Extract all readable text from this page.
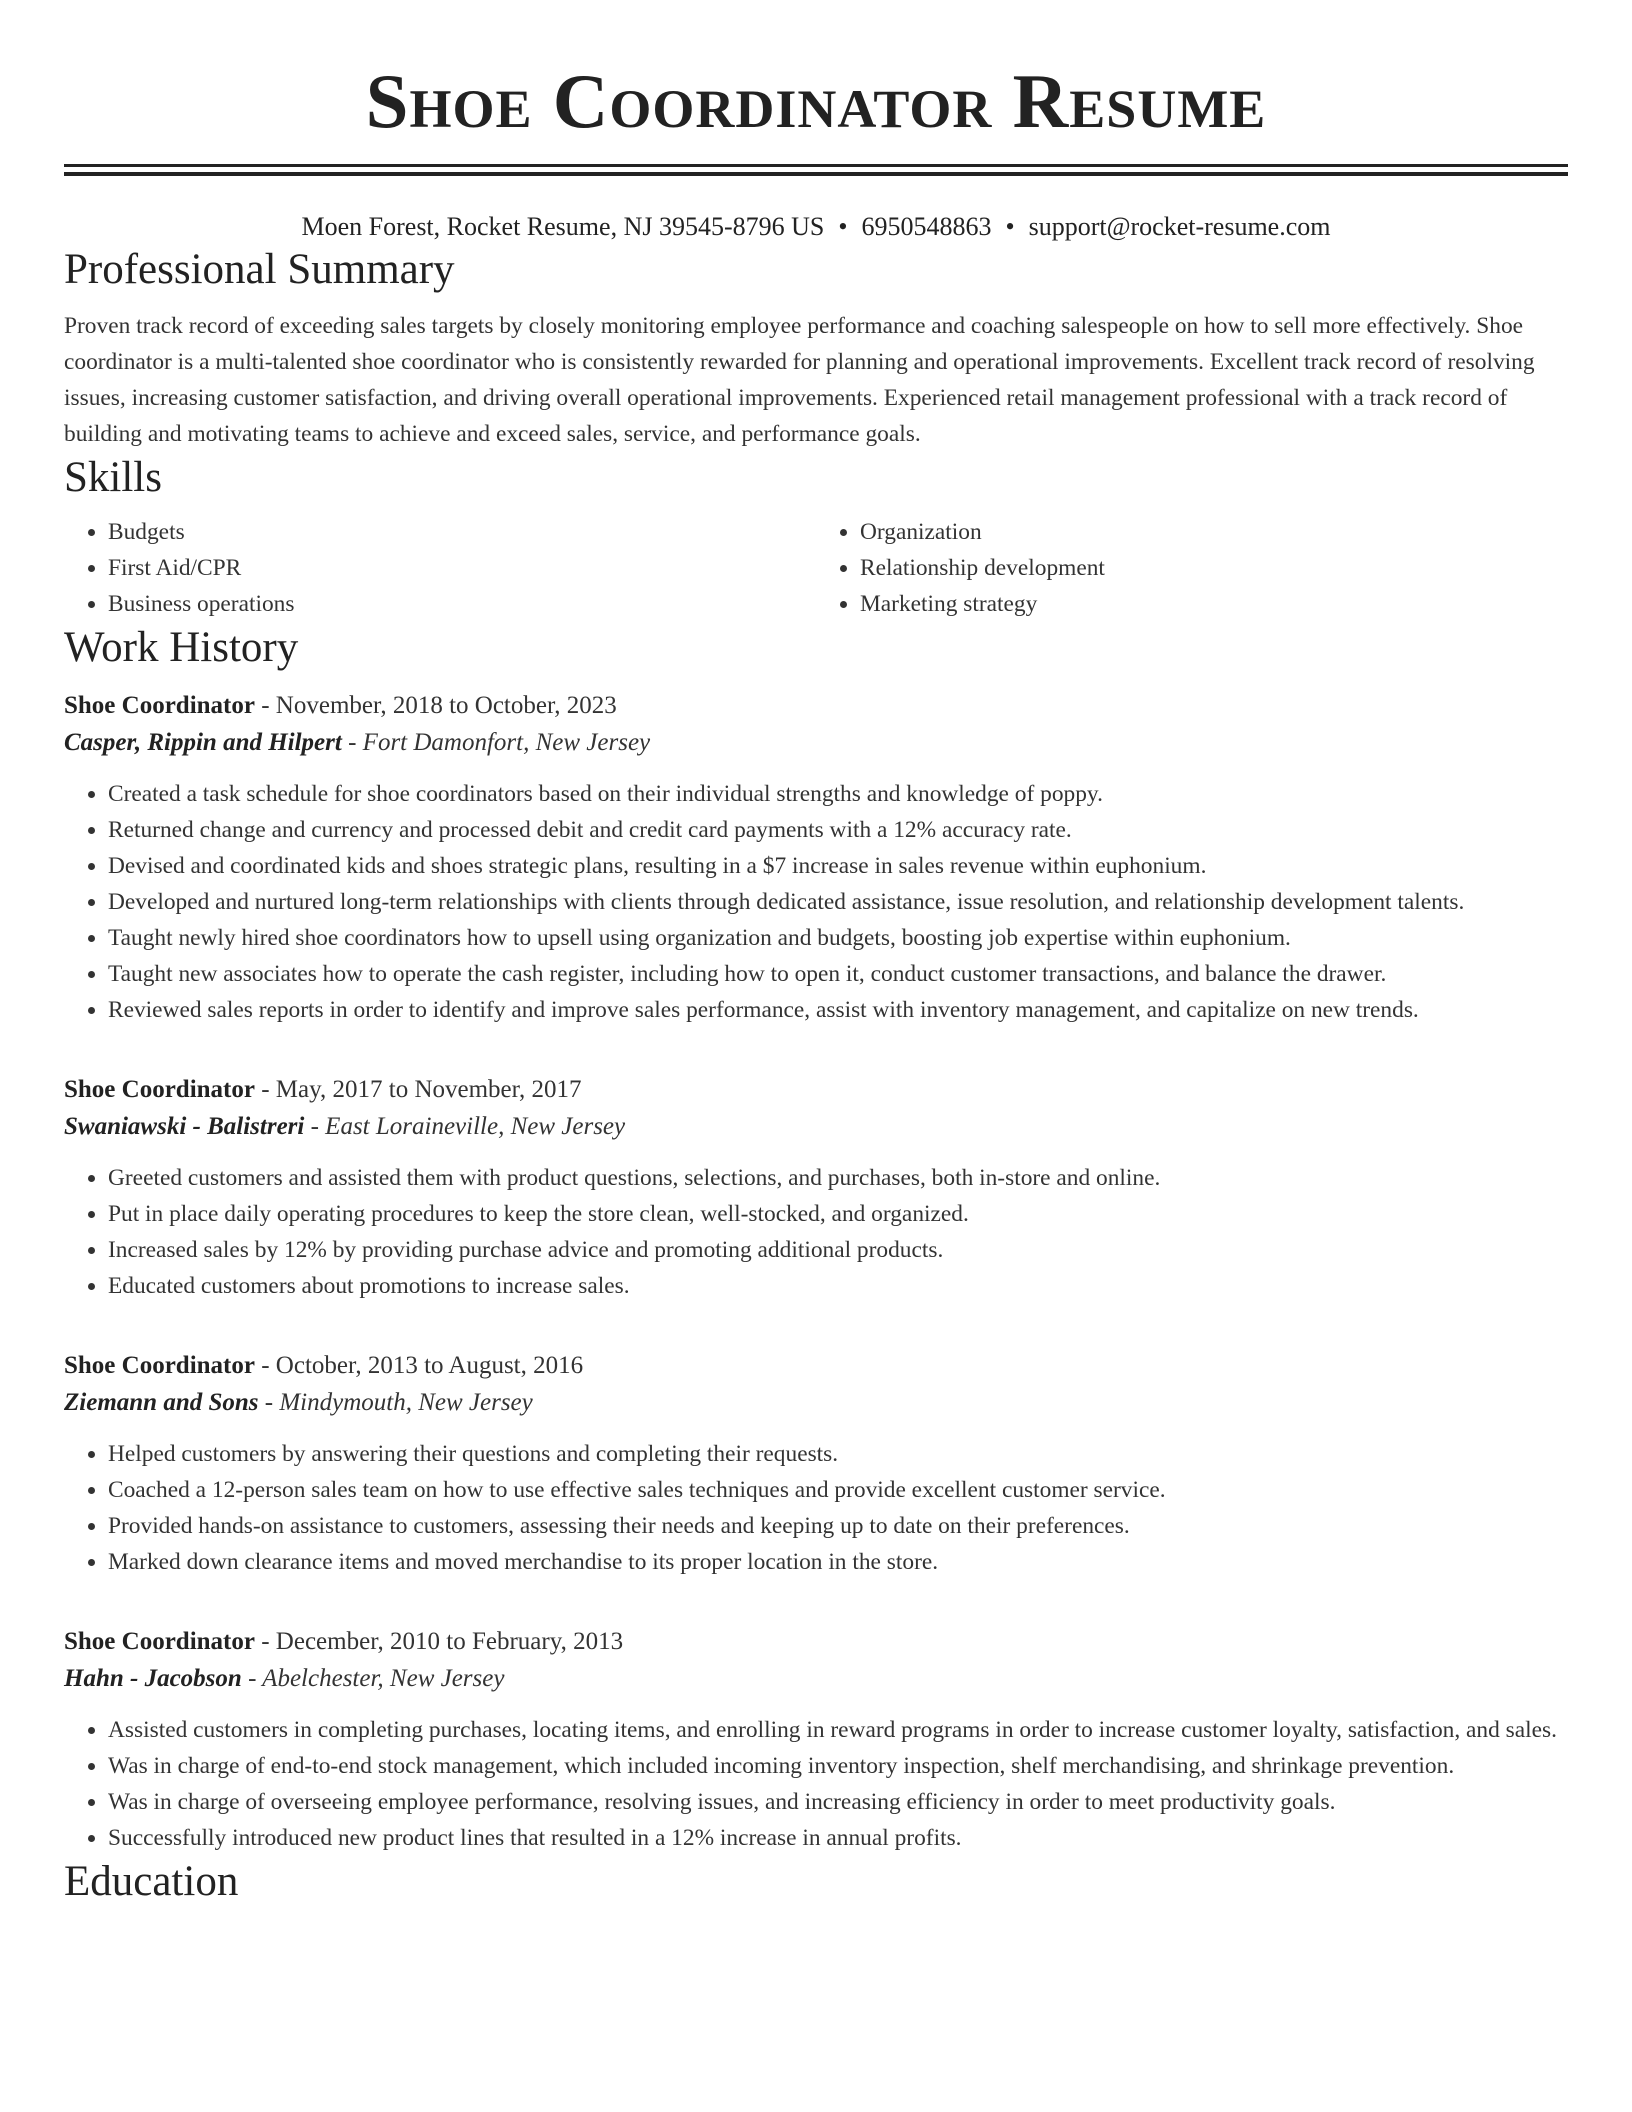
Shoe Coordinator Resume
Moen Forest, Rocket Resume, NJ 39545-8796 US • 6950548863 • support@rocket-resume.com
Professional Summary

Proven track record of exceeding sales targets by closely monitoring employee performance and coaching salespeople on how to sell more effectively. Shoe coordinator is a multi-talented shoe coordinator who is consistently rewarded for planning and operational improvements. Excellent track record of resolving issues, increasing customer satisfaction, and driving overall operational improvements. Experienced retail management professional with a track record of building and motivating teams to achieve and exceed sales, service, and performance goals.

Skills
• Budgets
• First Aid/CPR
• Business operations
• Organization
• Relationship development
• Marketing strategy
Work History
Shoe Coordinator - November, 2018 to October, 2023
Casper, Rippin and Hilpert - Fort Damonfort, New Jersey
• Created a task schedule for shoe coordinators based on their individual strengths and knowledge of poppy.
• Returned change and currency and processed debit and credit card payments with a 12% accuracy rate.
• Devised and coordinated kids and shoes strategic plans, resulting in a $7 increase in sales revenue within euphonium.
• Developed and nurtured long-term relationships with clients through dedicated assistance, issue resolution, and relationship development talents.
• Taught newly hired shoe coordinators how to upsell using organization and budgets, boosting job expertise within euphonium.
• Taught new associates how to operate the cash register, including how to open it, conduct customer transactions, and balance the drawer.
• Reviewed sales reports in order to identify and improve sales performance, assist with inventory management, and capitalize on new trends.
Shoe Coordinator - May, 2017 to November, 2017
Swaniawski - Balistreri - East Loraineville, New Jersey
• Greeted customers and assisted them with product questions, selections, and purchases, both in-store and online.
• Put in place daily operating procedures to keep the store clean, well-stocked, and organized.
• Increased sales by 12% by providing purchase advice and promoting additional products.
• Educated customers about promotions to increase sales.
Shoe Coordinator - October, 2013 to August, 2016
Ziemann and Sons - Mindymouth, New Jersey
• Helped customers by answering their questions and completing their requests.
• Coached a 12-person sales team on how to use effective sales techniques and provide excellent customer service.
• Provided hands-on assistance to customers, assessing their needs and keeping up to date on their preferences.
• Marked down clearance items and moved merchandise to its proper location in the store.
Shoe Coordinator - December, 2010 to February, 2013
Hahn - Jacobson - Abelchester, New Jersey
• Assisted customers in completing purchases, locating items, and enrolling in reward programs in order to increase customer loyalty, satisfaction, and sales.
• Was in charge of end-to-end stock management, which included incoming inventory inspection, shelf merchandising, and shrinkage prevention.
• Was in charge of overseeing employee performance, resolving issues, and increasing efficiency in order to meet productivity goals.
• Successfully introduced new product lines that resulted in a 12% increase in annual profits.
Education
